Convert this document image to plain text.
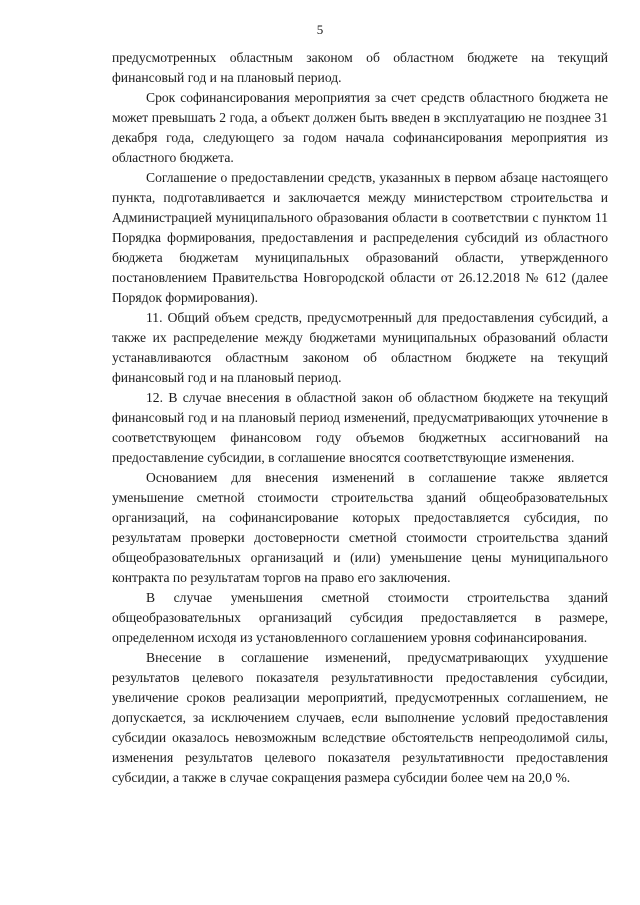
5

предусмотренных областным законом об областном бюджете на текущий финансовый год и на плановый период.

Срок софинансирования мероприятия за счет средств областного бюджета не может превышать 2 года, а объект должен быть введен в эксплуатацию не позднее 31 декабря года, следующего за годом начала софинансирования мероприятия из областного бюджета.

Соглашение о предоставлении средств, указанных в первом абзаце настоящего пункта, подготавливается и заключается между министерством строительства и Администрацией муниципального образования области в соответствии с пунктом 11 Порядка формирования, предоставления и распределения субсидий из областного бюджета бюджетам муниципальных образований области, утвержденного постановлением Правительства Новгородской области от 26.12.2018 № 612 (далее Порядок формирования).

11. Общий объем средств, предусмотренный для предоставления субсидий, а также их распределение между бюджетами муниципальных образований области устанавливаются областным законом об областном бюджете на текущий финансовый год и на плановый период.

12. В случае внесения в областной закон об областном бюджете на текущий финансовый год и на плановый период изменений, предусматривающих уточнение в соответствующем финансовом году объемов бюджетных ассигнований на предоставление субсидии, в соглашение вносятся соответствующие изменения.

Основанием для внесения изменений в соглашение также является уменьшение сметной стоимости строительства зданий общеобразовательных организаций, на софинансирование которых предоставляется субсидия, по результатам проверки достоверности сметной стоимости строительства зданий общеобразовательных организаций и (или) уменьшение цены муниципального контракта по результатам торгов на право его заключения.

В случае уменьшения сметной стоимости строительства зданий общеобразовательных организаций субсидия предоставляется в размере, определенном исходя из установленного соглашением уровня софинансирования.

Внесение в соглашение изменений, предусматривающих ухудшение результатов целевого показателя результативности предоставления субсидии, увеличение сроков реализации мероприятий, предусмотренных соглашением, не допускается, за исключением случаев, если выполнение условий предоставления субсидии оказалось невозможным вследствие обстоятельств непреодолимой силы, изменения результатов целевого показателя результативности предоставления субсидии, а также в случае сокращения размера субсидии более чем на 20,0 %.
